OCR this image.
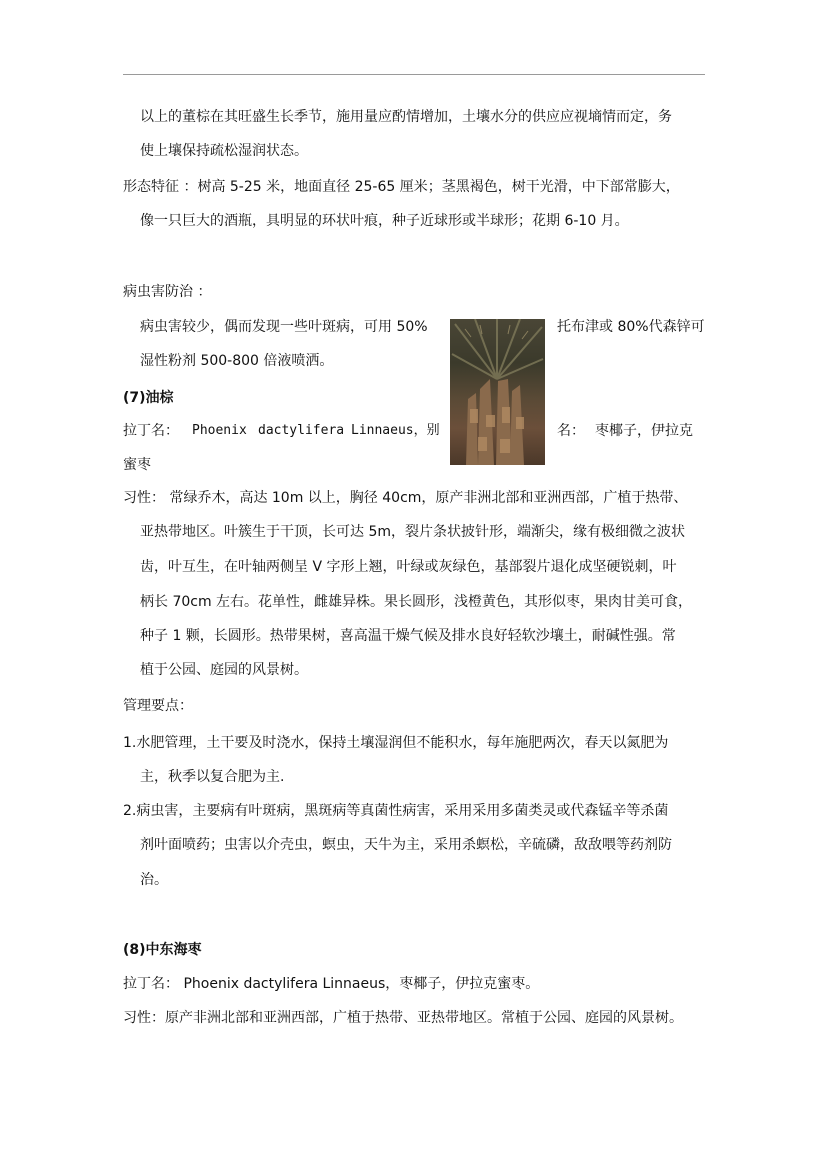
以上的董棕在其旺盛生长季节，施用量应酌情增加，土壤水分的供应应视墒情而定，务
使上壤保持疏松湿润状态。
形态特征 ：树高 5-25 米，地面直径 25-65 厘米；茎黑褐色，树干光滑，中下部常膨大，
像一只巨大的酒瓶，具明显的环状叶痕，种子近球形或半球形；花期 6-10 月。
病虫害防治 ：
病虫害较少，偶而发现一些叶斑病，可用 50%	托布津或 80%代森锌可
湿性粉剂 500-800 倍液喷洒。
(7)油棕
拉丁名： Phoenix dactylifera Linnaeus，别	名： 枣椰子，伊拉克
蜜枣
习性： 常绿乔木，高达 10m 以上，胸径 40cm，原产非洲北部和亚洲西部，广植于热带、
亚热带地区。叶簇生于干顶，长可达 5m，裂片条状披针形，端渐尖，缘有极细微之波状
齿，叶互生，在叶轴两侧呈 V 字形上翘，叶绿或灰绿色，基部裂片退化成坚硬锐刺，叶
柄长 70cm 左右。花单性，雌雄异株。果长圆形，浅橙黄色，其形似枣，果肉甘美可食，
种子 1 颗，长圆形。热带果树，喜高温干燥气候及排水良好轻软沙壤土，耐碱性强。常
植于公园、庭园的风景树。
管理要点：
1.水肥管理，土干要及时浇水，保持土壤湿润但不能积水，每年施肥两次，春天以氮肥为
主，秋季以复合肥为主.
2.病虫害，主要病有叶斑病，黑斑病等真菌性病害，采用采用多菌类灵或代森锰辛等杀菌
剂叶面喷药；虫害以介壳虫，螟虫，天牛为主，采用杀螟松，辛硫磷，敌敌喂等药剂防
治。
(8)中东海枣
拉丁名： Phoenix dactylifera Linnaeus，枣椰子，伊拉克蜜枣。
习性：原产非洲北部和亚洲西部，广植于热带、亚热带地区。常植于公园、庭园的风景树。
